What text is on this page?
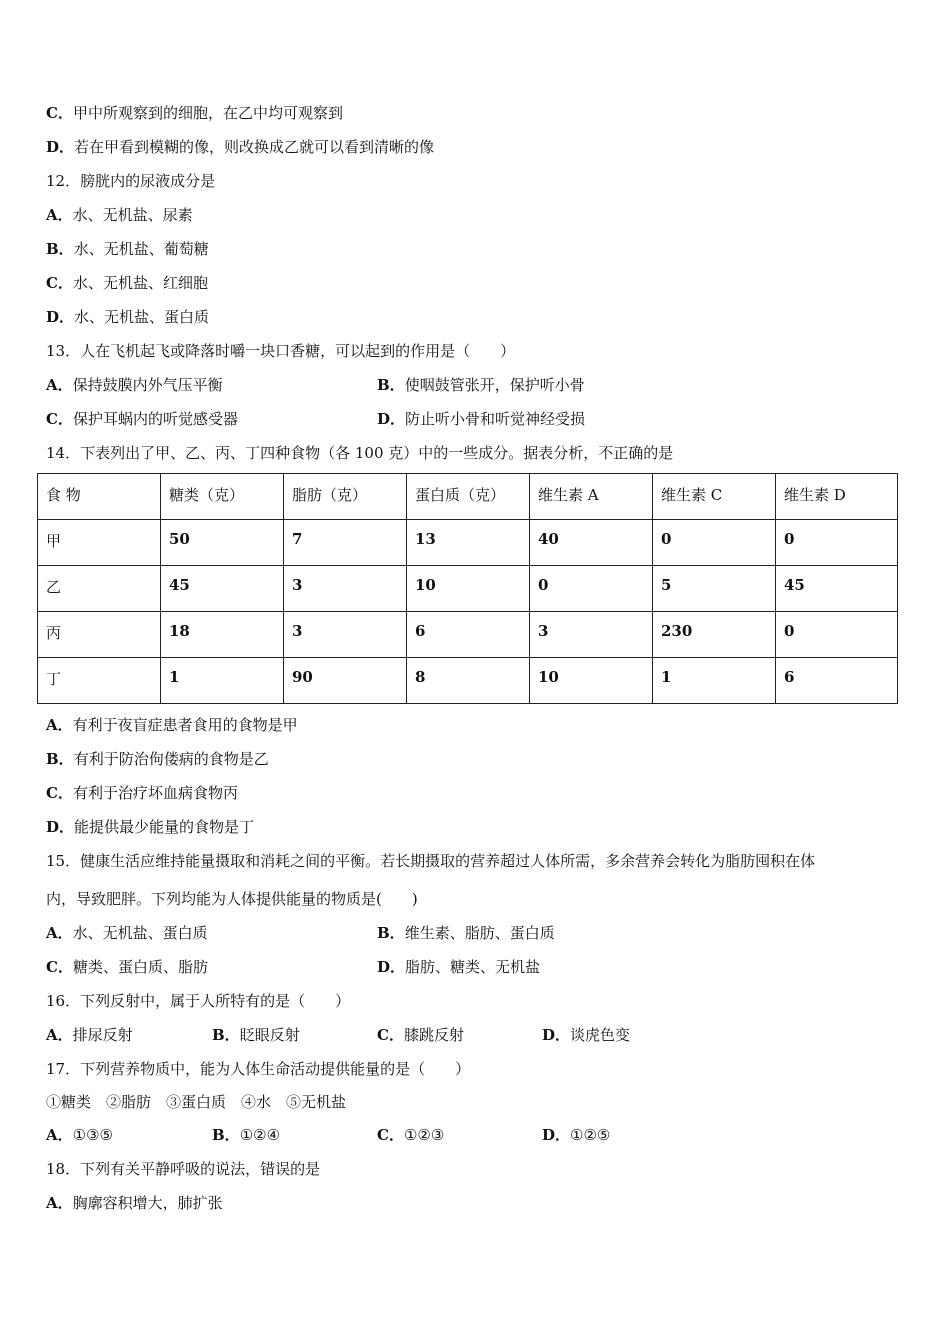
C．甲中所观察到的细胞，在乙中均可观察到
D．若在甲看到模糊的像，则改换成乙就可以看到清晰的像
12．膀胱内的尿液成分是
A．水、无机盐、尿素
B．水、无机盐、葡萄糖
C．水、无机盐、红细胞
D．水、无机盐、蛋白质
13．人在飞机起飞或降落时嚼一块口香糖，可以起到的作用是（　　）
A．保持鼓膜内外气压平衡	B．使咽鼓管张开，保护听小骨
C．保护耳蜗内的听觉感受器	D．防止听小骨和听觉神经受损
14．下表列出了甲、乙、丙、丁四种食物（各 100 克）中的一些成分。据表分析，不正确的是
食 物	糖类（克）	脂肪（克）	蛋白质（克）	维生素 A	维生素 C	维生素 D
甲	50	7	13	40	0	0
乙	45	3	10	0	5	45
丙	18	3	6	3	230	0
丁	1	90	8	10	1	6
A．有利于夜盲症患者食用的食物是甲
B．有利于防治佝偻病的食物是乙
C．有利于治疗坏血病食物丙
D．能提供最少能量的食物是丁
15．健康生活应维持能量摄取和消耗之间的平衡。若长期摄取的营养超过人体所需，多余营养会转化为脂肪囤积在体
内，导致肥胖。下列均能为人体提供能量的物质是(　　)
A．水、无机盐、蛋白质	B．维生素、脂肪、蛋白质
C．糖类、蛋白质、脂肪	D．脂肪、糖类、无机盐
16．下列反射中，属于人所特有的是（　　）
A．排尿反射	B．眨眼反射	C．膝跳反射	D．谈虎色变
17．下列营养物质中，能为人体生命活动提供能量的是（　　）
①糖类　②脂肪　③蛋白质　④水　⑤无机盐
A．①③⑤	B．①②④	C．①②③	D．①②⑤
18．下列有关平静呼吸的说法，错误的是
A．胸廓容积增大，肺扩张
